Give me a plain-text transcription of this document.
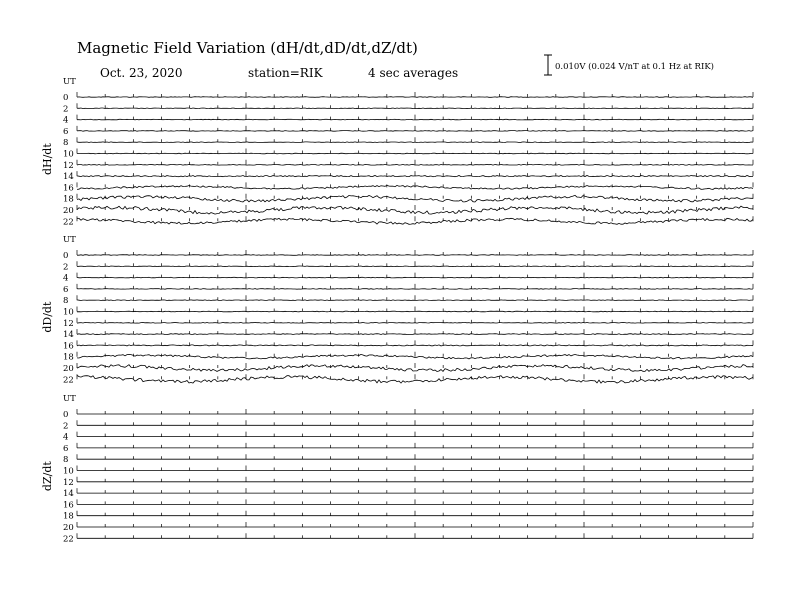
Magnetic Field Variation (dH/dt,dD/dt,dZ/dt)
Oct. 23, 2020	station=RIK	4 sec averages	0.010V (0.024 V/nT at 0.1 Hz at RIK)
UT
dH/dt
0
2
4
6
8
10
12
14
16
18
20
22
UT
dD/dt
0
2
4
6
8
10
12
14
16
18
20
22
UT
dZ/dt
0
2
4
6
8
10
12
14
16
18
20
22
